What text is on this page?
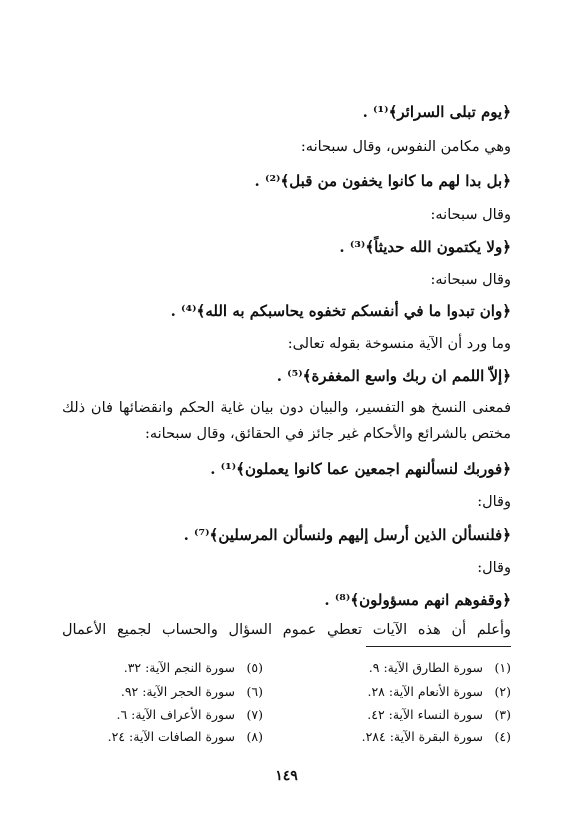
﴿يوم تبلى السرائر﴾⁽¹⁾ .
وهي مكامن النفوس، وقال سبحانه:
﴿بل بدا لهم ما كانوا يخفون من قبل﴾⁽²⁾ .
وقال سبحانه:
﴿ولا يكتمون الله حديثاً﴾⁽³⁾ .
وقال سبحانه:
﴿وان تبدوا ما في أنفسكم تخفوه يحاسبكم به الله﴾⁽⁴⁾ .
وما ورد أن الآية منسوخة بقوله تعالى:
﴿إلاّ اللمم ان ربك واسع المغفرة﴾⁽⁵⁾ .
فمعنى النسخ هو التفسير، والبيان دون بيان غاية الحكم وانقضائها فان ذلك
مختص بالشرائع والأحكام غير جائز في الحقائق، وقال سبحانه:
﴿فوربك لنسألنهم اجمعين عما كانوا يعملون﴾⁽¹⁾ .
وقال:
﴿فلنسألن الذين أرسل إليهم ولنسألن المرسلين﴾⁽⁷⁾ .
وقال:
﴿وقفوهم انهم مسؤولون﴾⁽⁸⁾ .
وأعلم أن هذه الآيات تعطي عموم السؤال والحساب لجميع الأعمال
(١)سورة الطارق الآية: ٩.
(٢)سورة الأنعام الآية: ٢٨.
(٣)سورة النساء الآية: ٤٢.
(٤)سورة البقرة الآية: ٢٨٤.
(٥)سورة النجم الآية: ٣٢.
(٦)سورة الحجر الآية: ٩٢.
(٧)سورة الأعراف الآية: ٦.
(٨)سورة الصافات الآية: ٢٤.
١٤٩
